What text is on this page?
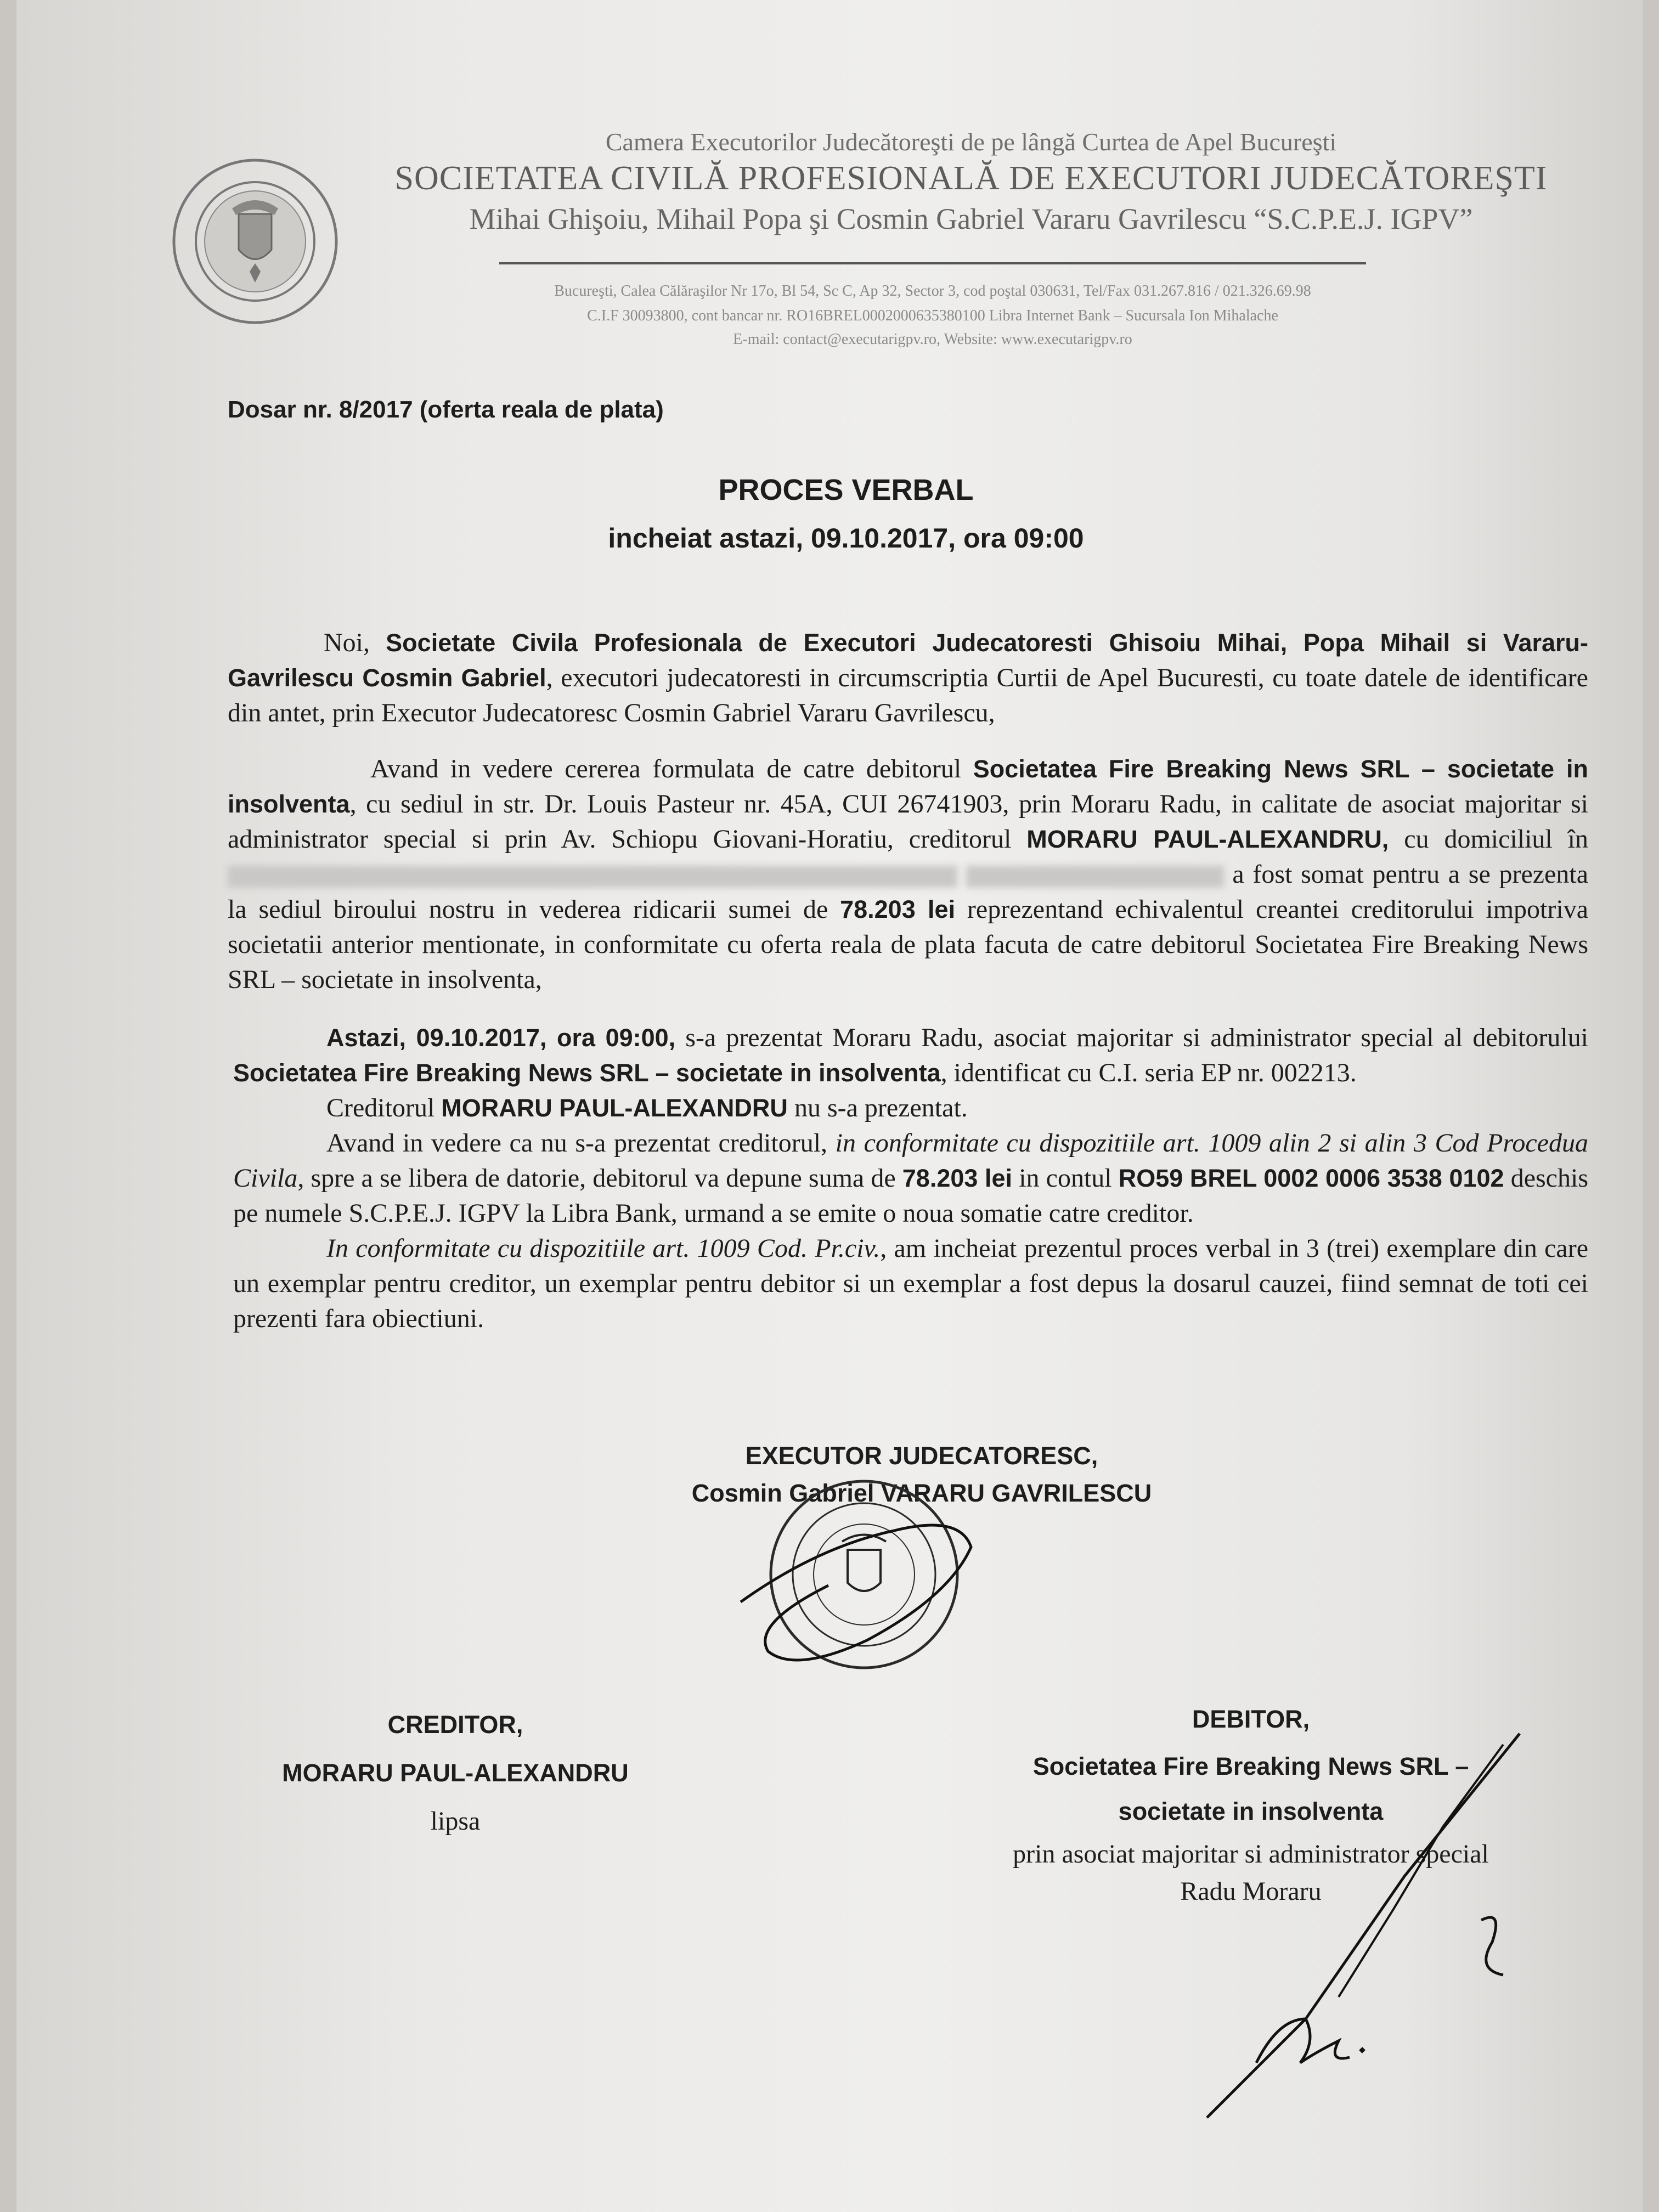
Camera Executorilor Judecătoreşti de pe lângă Curtea de Apel Bucureşti
SOCIETATEA CIVILĂ PROFESIONALĂ DE EXECUTORI JUDECĂTOREŞTI
Mihai Ghişoiu, Mihail Popa şi Cosmin Gabriel Vararu Gavrilescu “S.C.P.E.J. IGPV”
Bucureşti, Calea Călăraşilor Nr 17o, Bl 54, Sc C, Ap 32, Sector 3, cod poştal 030631, Tel/Fax 031.267.816 / 021.326.69.98
C.I.F 30093800, cont bancar nr. RO16BREL0002000635380100 Libra Internet Bank – Sucursala Ion Mihalache
E-mail: contact@executarigpv.ro, Website: www.executarigpv.ro
Dosar nr. 8/2017 (oferta reala de plata)
PROCES VERBAL
incheiat astazi, 09.10.2017, ora 09:00
Noi, Societate Civila Profesionala de Executori Judecatoresti Ghisoiu Mihai, Popa Mihail si Vararu-Gavrilescu Cosmin Gabriel, executori judecatoresti in circumscriptia Curtii de Apel Bucuresti, cu toate datele de identificare din antet, prin Executor Judecatoresc Cosmin Gabriel Vararu Gavrilescu,
Avand in vedere cererea formulata de catre debitorul Societatea Fire Breaking News SRL – societate in insolventa, cu sediul in str. Dr. Louis Pasteur nr. 45A, CUI 26741903, prin Moraru Radu, in calitate de asociat majoritar si administrator special si prin Av. Schiopu Giovani-Horatiu, creditorul MORARU PAUL-ALEXANDRU, cu domiciliul în   a fost somat pentru a se prezenta la sediul biroului nostru in vederea ridicarii sumei de 78.203 lei reprezentand echivalentul creantei creditorului impotriva societatii anterior mentionate, in conformitate cu oferta reala de plata facuta de catre debitorul Societatea Fire Breaking News SRL – societate in insolventa,

Astazi, 09.10.2017, ora 09:00, s-a prezentat Moraru Radu, asociat majoritar si administrator special al debitorului Societatea Fire Breaking News SRL – societate in insolventa, identificat cu C.I. seria EP nr. 002213.

Creditorul MORARU PAUL-ALEXANDRU nu s-a prezentat.

Avand in vedere ca nu s-a prezentat creditorul, in conformitate cu dispozitiile art. 1009 alin 2 si alin 3 Cod Procedua Civila, spre a se libera de datorie, debitorul va depune suma de 78.203 lei in contul RO59 BREL 0002 0006 3538 0102 deschis pe numele S.C.P.E.J. IGPV la Libra Bank, urmand a se emite o noua somatie catre creditor.

In conformitate cu dispozitiile art. 1009 Cod. Pr.civ., am incheiat prezentul proces verbal in 3 (trei) exemplare din care un exemplar pentru creditor, un exemplar pentru debitor si un exemplar a fost depus la dosarul cauzei, fiind semnat de toti cei prezenti fara obiectiuni.

EXECUTOR JUDECATORESC,
Cosmin Gabriel VARARU GAVRILESCU
CREDITOR,
MORARU PAUL-ALEXANDRU
lipsa
DEBITOR,
Societatea Fire Breaking News SRL –
societate in insolventa
prin asociat majoritar si administrator special
Radu Moraru
